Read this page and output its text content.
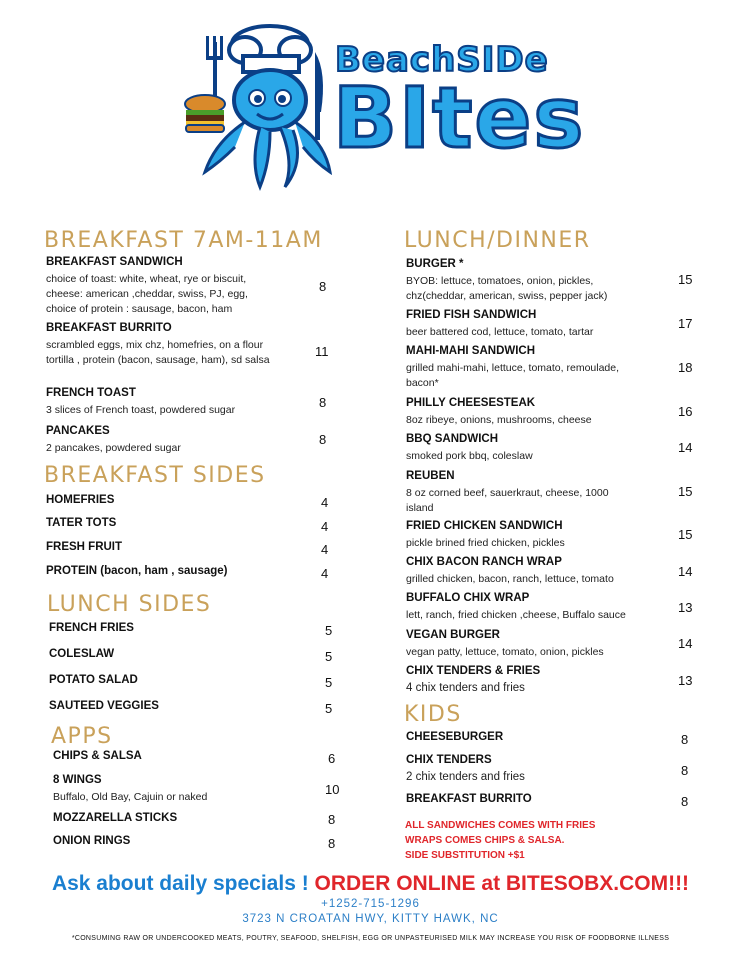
BeachSIDe
BItes
BREAKFAST 7AM-11AM
BREAKFAST SANDWICH
choice of toast: white, wheat, rye or biscuit, cheese: american ,cheddar, swiss, PJ, egg, choice of protein : sausage, bacon, ham
8
BREAKFAST BURRITO
scrambled eggs, mix chz, homefries, on a flour tortilla , protein (bacon, sausage, ham), sd salsa
11
FRENCH TOAST
3 slices of French toast, powdered sugar	8
PANCAKES
2 pancakes, powdered sugar
8
BREAKFAST SIDES
HOMEFRIES	4
TATER TOTS	4
FRESH FRUIT	4
PROTEIN (bacon, ham , sausage)	4
LUNCH SIDES
FRENCH FRIES	5
COLESLAW	5
POTATO SALAD	5
SAUTEED VEGGIES	5
APPS
CHIPS & SALSA	6
8 WINGS
Buffalo, Old Bay, Cajuin or naked	10
MOZZARELLA STICKS	8
ONION RINGS	8
LUNCH/DINNER
BURGER *
BYOB: lettuce, tomatoes, onion, pickles, chz(cheddar, american, swiss, pepper jack)
15
FRIED FISH SANDWICH
beer battered cod, lettuce, tomato, tartar
17
MAHI-MAHI SANDWICH
grilled mahi-mahi, lettuce, tomato, remoulade, bacon*
18
PHILLY CHEESESTEAK
8oz ribeye, onions, mushrooms, cheese
16
BBQ SANDWICH
smoked pork bbq, coleslaw
14
REUBEN
8 oz corned beef, sauerkraut, cheese, 1000 island
15
FRIED CHICKEN SANDWICH
pickle brined fried chicken, pickles
15
CHIX BACON RANCH WRAP
grilled chicken, bacon, ranch, lettuce, tomato	14
BUFFALO CHIX WRAP
lett, ranch, fried chicken ,cheese, Buffalo sauce	13
VEGAN BURGER
vegan patty, lettuce, tomato, onion, pickles
14
CHIX TENDERS & FRIES
4 chix tenders and fries	13
KIDS
CHEESEBURGER	8
CHIX TENDERS
2 chix tenders and fries	8
BREAKFAST BURRITO	8
ALL SANDWICHES COMES WITH FRIES
WRAPS COMES CHIPS & SALSA.
SIDE SUBSTITUTION +$1
Ask about daily specials ! ORDER ONLINE at BITESOBX.COM!!!
+1252-715-1296
3723 N CROATAN HWY, KITTY HAWK, NC
*CONSUMING RAW OR UNDERCOOKED MEATS, POUTRY, SEAFOOD, SHELFISH, EGG OR UNPASTEURISED MILK MAY INCREASE YOU RISK OF FOODBORNE ILLNESS
